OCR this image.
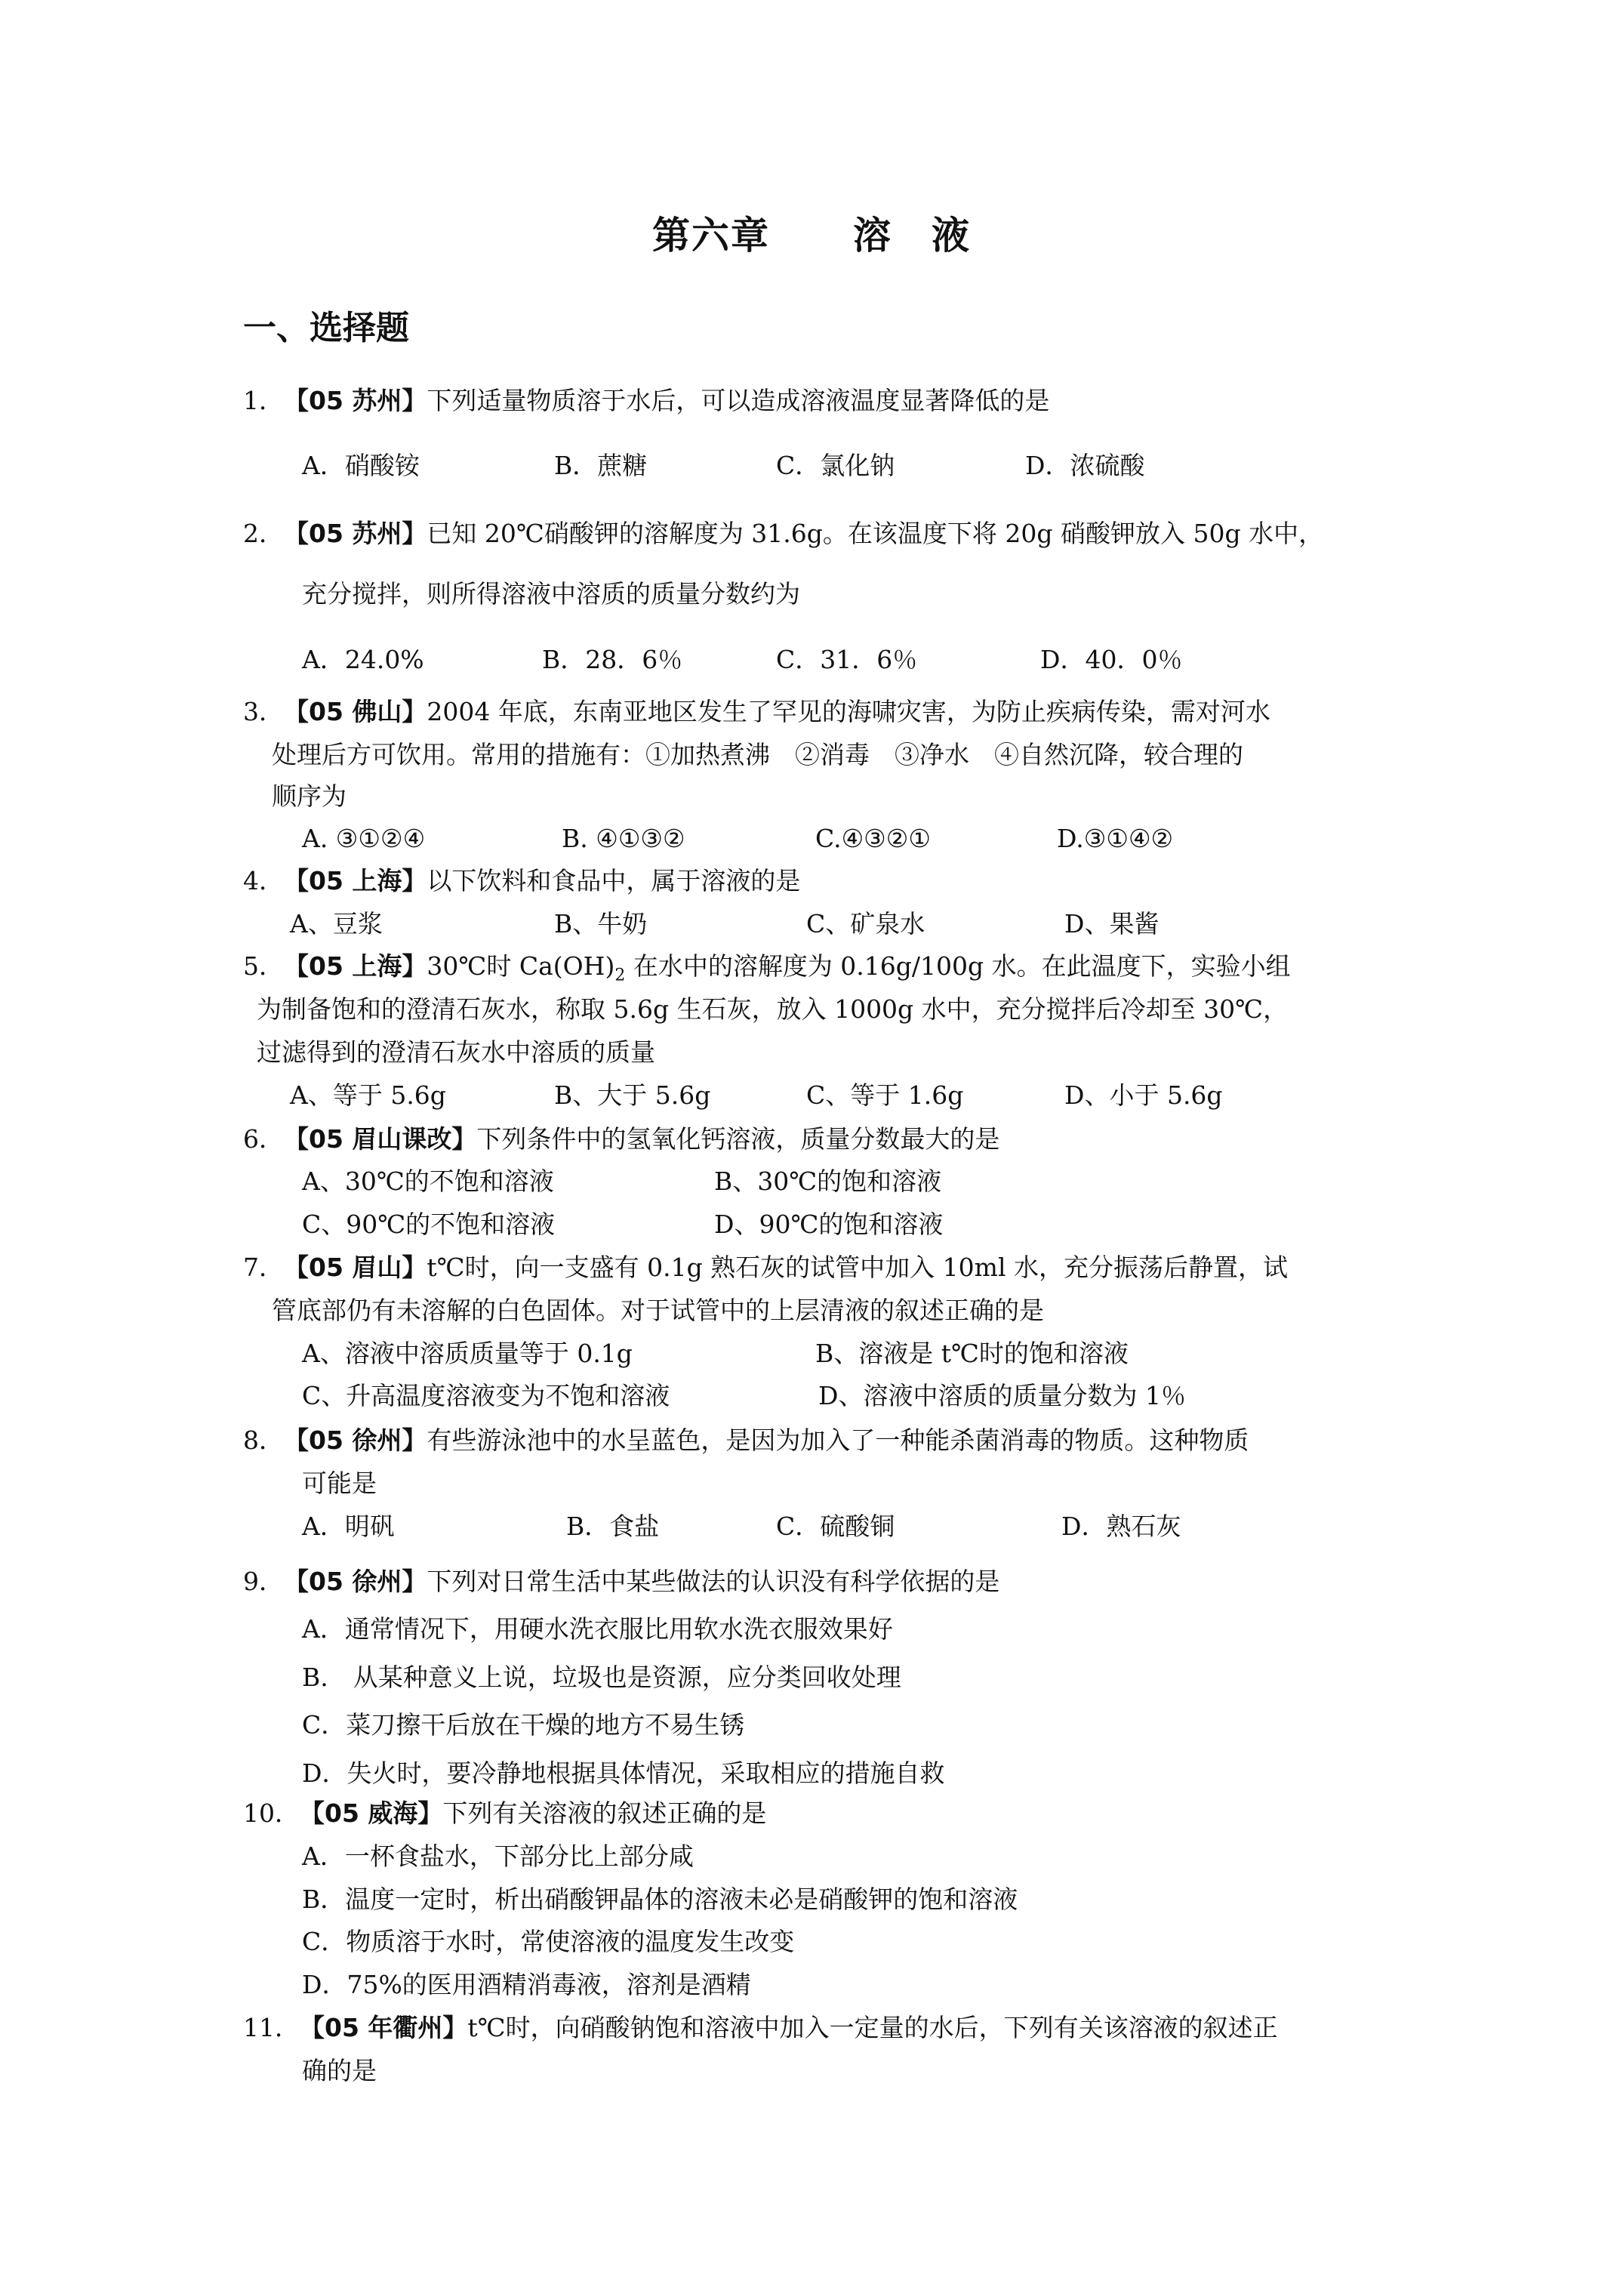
第六章 溶　液
一、选择题
1．【05 苏州】下列适量物质溶于水后，可以造成溶液温度显著降低的是
A．硝酸铵	B．蔗糖	C．氯化钠	D．浓硫酸
2．【05 苏州】已知 20℃硝酸钾的溶解度为 31.6g。在该温度下将 20g 硝酸钾放入 50g 水中，
充分搅拌，则所得溶液中溶质的质量分数约为
A．24.0%	B．28．6％	C．31．6％	D．40．0％
3．【05 佛山】2004 年底，东南亚地区发生了罕见的海啸灾害，为防止疾病传染，需对河水
处理后方可饮用。常用的措施有：①加热煮沸　②消毒　③净水　④自然沉降，较合理的
顺序为
A. ③①②④	B. ④①③②	C.④③②①	D.③①④②
4．【05 上海】以下饮料和食品中，属于溶液的是
A、豆浆	B、牛奶	C、矿泉水	D、果酱
5．【05 上海】30℃时 $Ca(OH)_2$ 在水中的溶解度为 0.16g/100g 水。在此温度下，实验小组
为制备饱和的澄清石灰水，称取 5.6g 生石灰，放入 1000g 水中，充分搅拌后冷却至 30℃，
过滤得到的澄清石灰水中溶质的质量
A、等于 5.6g	B、大于 5.6g	C、等于 1.6g	D、小于 5.6g
6．【05 眉山课改】下列条件中的氢氧化钙溶液，质量分数最大的是
A、30℃的不饱和溶液	B、30℃的饱和溶液
C、90℃的不饱和溶液	D、90℃的饱和溶液
7．【05 眉山】t℃时，向一支盛有 0.1g 熟石灰的试管中加入 10ml 水，充分振荡后静置，试
管底部仍有未溶解的白色固体。对于试管中的上层清液的叙述正确的是
A、溶液中溶质质量等于 0.1g	B、溶液是 t℃时的饱和溶液
C、升高温度溶液变为不饱和溶液	D、溶液中溶质的质量分数为 1％
8．【05 徐州】有些游泳池中的水呈蓝色，是因为加入了一种能杀菌消毒的物质。这种物质
可能是
A．明矾	B．食盐	C．硫酸铜	D．熟石灰
9．【05 徐州】下列对日常生活中某些做法的认识没有科学依据的是
A．通常情况下，用硬水洗衣服比用软水洗衣服效果好
B.　从某种意义上说，垃圾也是资源，应分类回收处理
C．菜刀擦干后放在干燥的地方不易生锈
D．失火时，要冷静地根据具体情况，采取相应的措施自救
10．【05 威海】下列有关溶液的叙述正确的是
A．一杯食盐水，下部分比上部分咸
B．温度一定时，析出硝酸钾晶体的溶液未必是硝酸钾的饱和溶液
C．物质溶于水时，常使溶液的温度发生改变
D．75%的医用酒精消毒液，溶剂是酒精
11．【05 年衢州】t℃时，向硝酸钠饱和溶液中加入一定量的水后，下列有关该溶液的叙述正
确的是
